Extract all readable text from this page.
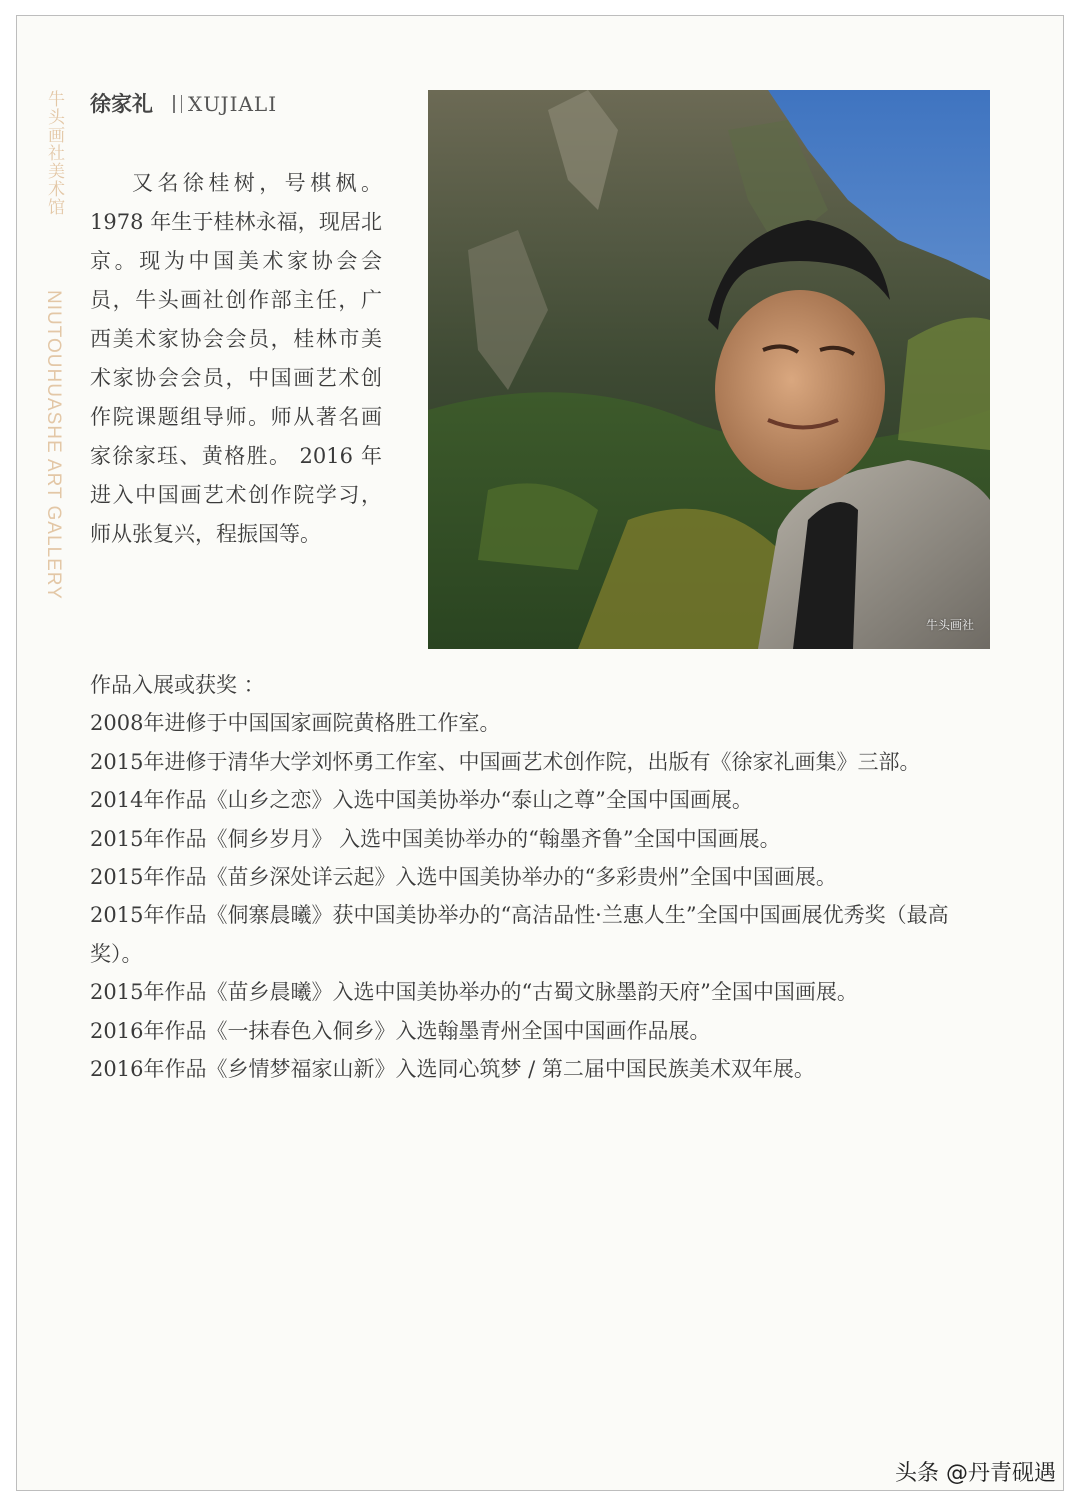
牛头画社美术馆
NIUTOUHUASHE ART GALLERY
徐家礼 XUJIALI
又名徐桂树，号棋枫。1978 年生于桂林永福，现居北京。现为中国美术家协会会员，牛头画社创作部主任，广西美术家协会会员，桂林市美术家协会会员，中国画艺术创作院课题组导师。师从著名画家徐家珏、黄格胜。 2016 年进入中国画艺术创作院学习，师从张复兴，程振国等。
牛头画社

作品入展或获奖 ：

2008年进修于中国国家画院黄格胜工作室。

2015年进修于清华大学刘怀勇工作室、中国画艺术创作院，出版有《徐家礼画集》三部。

2014年作品《山乡之恋》入选中国美协举办“泰山之尊”全国中国画展。

2015年作品《侗乡岁月》 入选中国美协举办的“翰墨齐鲁”全国中国画展。

2015年作品《苗乡深处详云起》入选中国美协举办的“多彩贵州”全国中国画展。

2015年作品《侗寨晨曦》获中国美协举办的“高洁品性·兰惠人生”全国中国画展优秀奖（最高奖）。

2015年作品《苗乡晨曦》入选中国美协举办的“古蜀文脉墨韵天府”全国中国画展。

2016年作品《一抹春色入侗乡》入选翰墨青州全国中国画作品展。

2016年作品《乡情梦福家山新》入选同心筑梦 / 第二届中国民族美术双年展。

头条 @丹青砚遇
